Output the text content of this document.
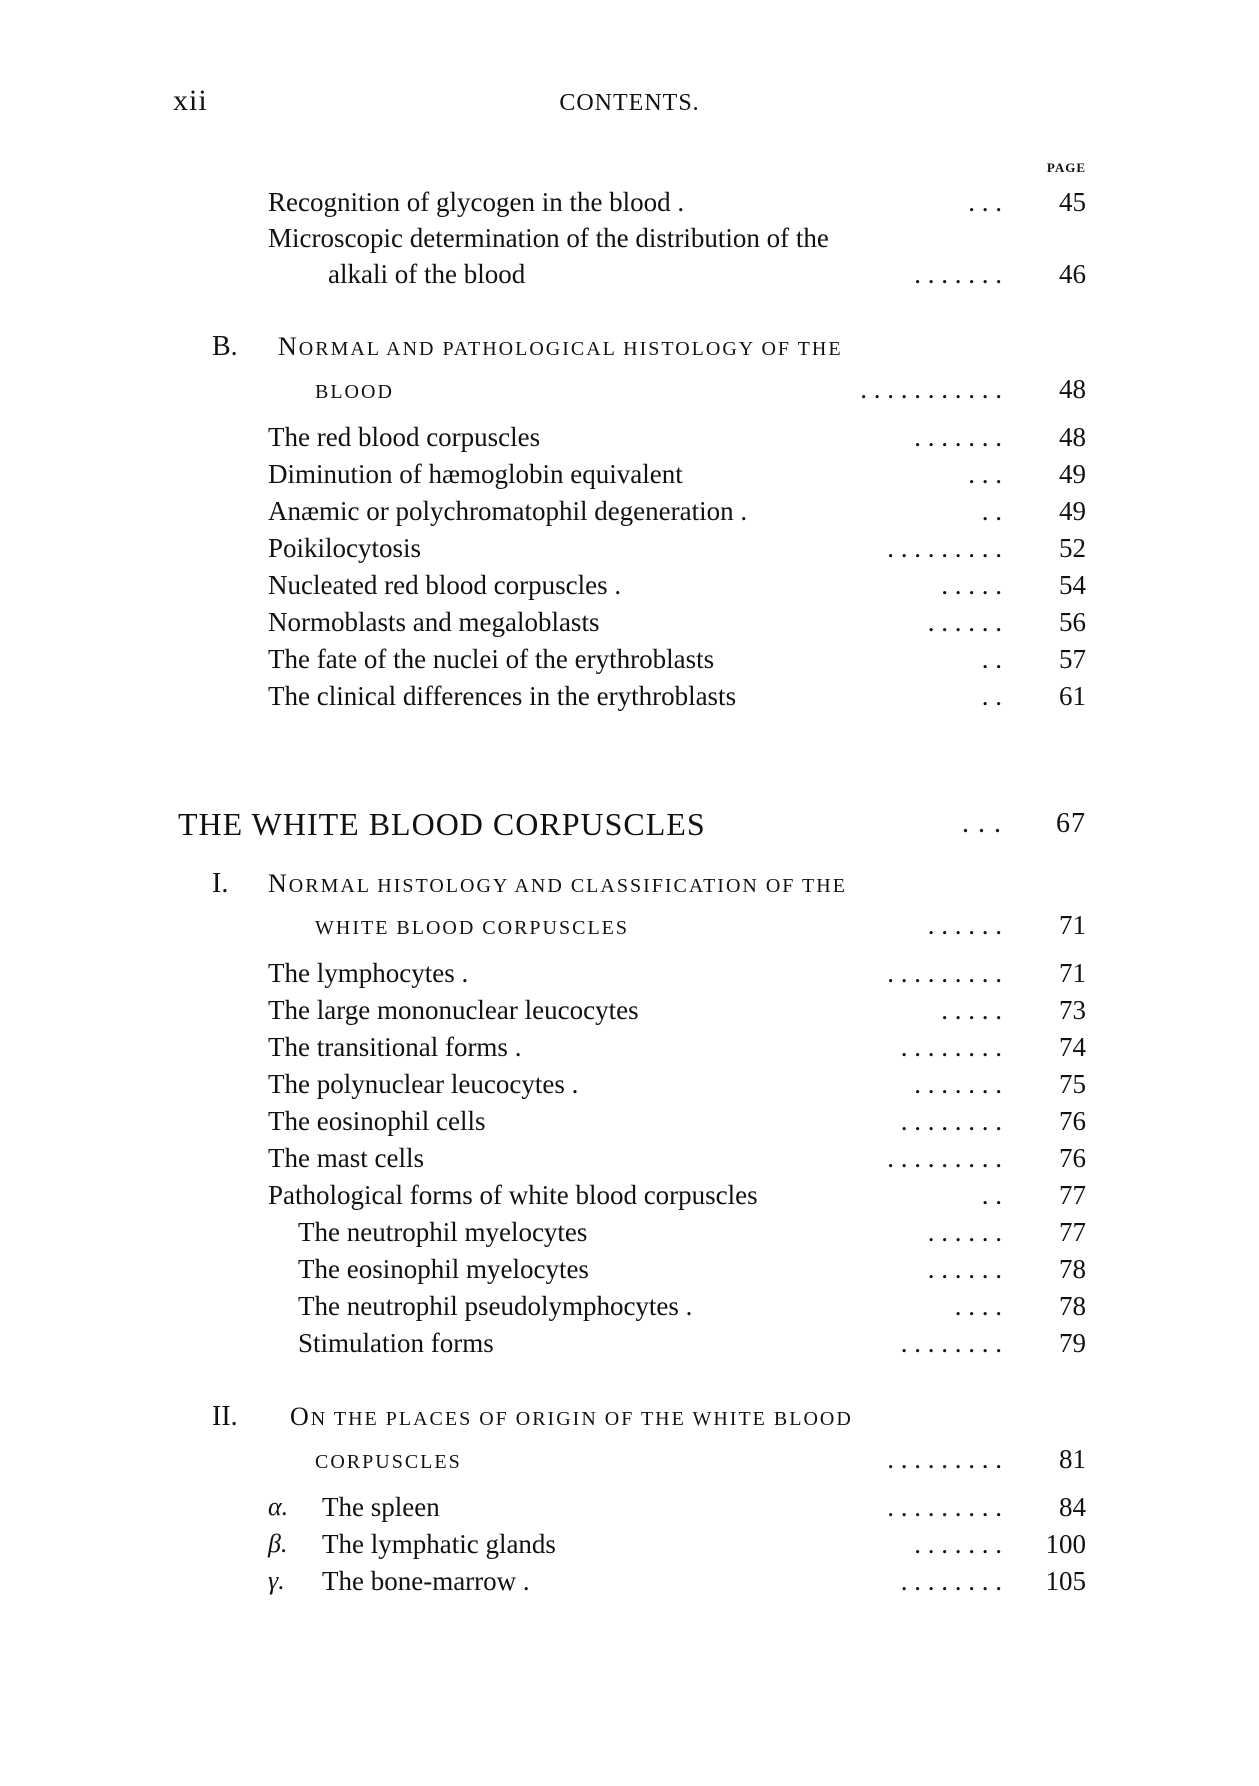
xii	CONTENTS.
PAGE
Recognition of glycogen in the blood .	. . . 45
Microscopic determination of the distribution of the
alkali of the blood	. . . . . . . 46
B. NORMAL AND PATHOLOGICAL HISTOLOGY OF THE
BLOOD	. . . . . . . . . . . 48
The red blood corpuscles	. . . . . . . 48
Diminution of hæmoglobin equivalent	. . . 49
Anæmic or polychromatophil degeneration .	. . 49
Poikilocytosis	. . . . . . . . . 52
Nucleated red blood corpuscles .	. . . . . 54
Normoblasts and megaloblasts	. . . . . . 56
The fate of the nuclei of the erythroblasts	. . 57
The clinical differences in the erythroblasts	. . 61
THE WHITE BLOOD CORPUSCLES	. . . 67
I. NORMAL HISTOLOGY AND CLASSIFICATION OF THE
WHITE BLOOD CORPUSCLES	. . . . . . 71
The lymphocytes .	. . . . . . . . . 71
The large mononuclear leucocytes	. . . . . 73
The transitional forms .	. . . . . . . . 74
The polynuclear leucocytes .	. . . . . . . 75
The eosinophil cells	. . . . . . . . 76
The mast cells	. . . . . . . . . 76
Pathological forms of white blood corpuscles	. . 77
The neutrophil myelocytes	. . . . . . 77
The eosinophil myelocytes	. . . . . . 78
The neutrophil pseudolymphocytes .	. . . . 78
Stimulation forms	. . . . . . . . 79
II. ON THE PLACES OF ORIGIN OF THE WHITE BLOOD
CORPUSCLES	. . . . . . . . . 81
α. The spleen	. . . . . . . . . 84
β. The lymphatic glands	. . . . . . . 100
γ. The bone-marrow .	. . . . . . . . 105
